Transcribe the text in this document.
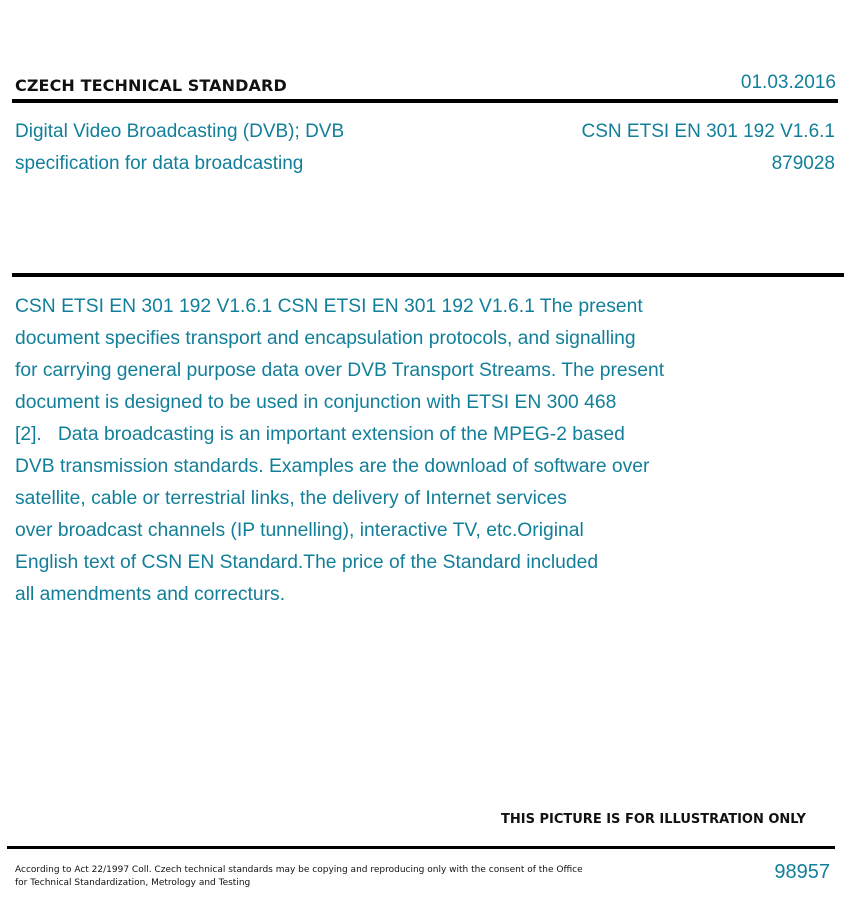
CZECH TECHNICAL STANDARD	01.03.2016
Digital Video Broadcasting (DVB); DVB
specification for data broadcasting
CSN ETSI EN 301 192 V1.6.1
879028
CSN ETSI EN 301 192 V1.6.1 CSN ETSI EN 301 192 V1.6.1 The present
document specifies transport and encapsulation protocols, and signalling
for carrying general purpose data over DVB Transport Streams. The present
document is designed to be used in conjunction with ETSI EN 300 468
[2].   Data broadcasting is an important extension of the MPEG-2 based
DVB transmission standards. Examples are the download of software over
satellite, cable or terrestrial links, the delivery of Internet services
over broadcast channels (IP tunnelling), interactive TV, etc.Original
English text of CSN EN Standard.The price of the Standard included
all amendments and correcturs.
THIS PICTURE IS FOR ILLUSTRATION ONLY
According to Act 22/1997 Coll. Czech technical standards may be copying and reproducing only with the consent of the Office
for Technical Standardization, Metrology and Testing	98957
